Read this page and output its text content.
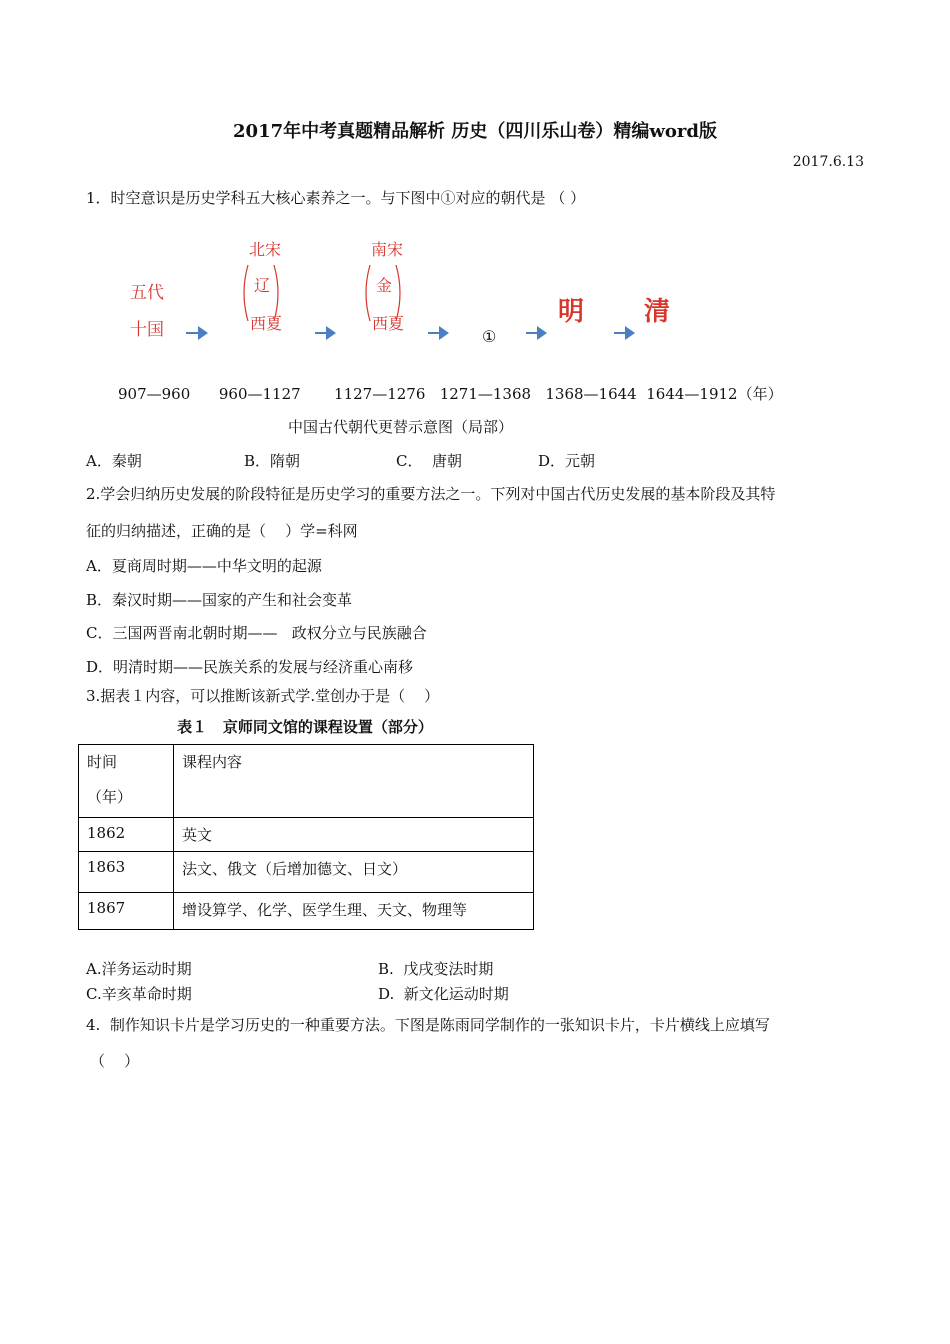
2017年中考真题精品解析 历史（四川乐山卷）精编word版
2017.6.13
1．时空意识是历史学科五大核心素养之一。与下图中①对应的朝代是 （ ）
五代
十国
北宋
辽
西夏
南宋
金
西夏
①
明 清
907—960      960—1127       1127—1276   1271—1368   1368—1644  1644—1912（年）
中国古代朝代更替示意图（局部）
A．秦朝	B．隋朝	C．  唐朝	D．元朝
2.学会归纳历史发展的阶段特征是历史学习的重要方法之一。下列对中国古代历史发展的基本阶段及其特
征的归纳描述，正确的是（    ）学=科网
A．夏商周时期——中华文明的起源
B．秦汉时期——国家的产生和社会变革
C．三国两晋南北朝时期——   政权分立与民族融合
D．明清时期——民族关系的发展与经济重心南移
3.据表１内容，可以推断该新式学.堂创办于是（    ）
表１   京师同文馆的课程设置（部分）
时间
（年）	课程内容
1862	英文
1863	法文、俄文（后增加德文、日文）
1867	增设算学、化学、医学生理、天文、物理等
A.洋务运动时期	B.  戊戌变法时期
C.辛亥革命时期	D.  新文化运动时期
4.  制作知识卡片是学习历史的一种重要方法。下图是陈雨同学制作的一张知识卡片，卡片横线上应填写
（    ）
